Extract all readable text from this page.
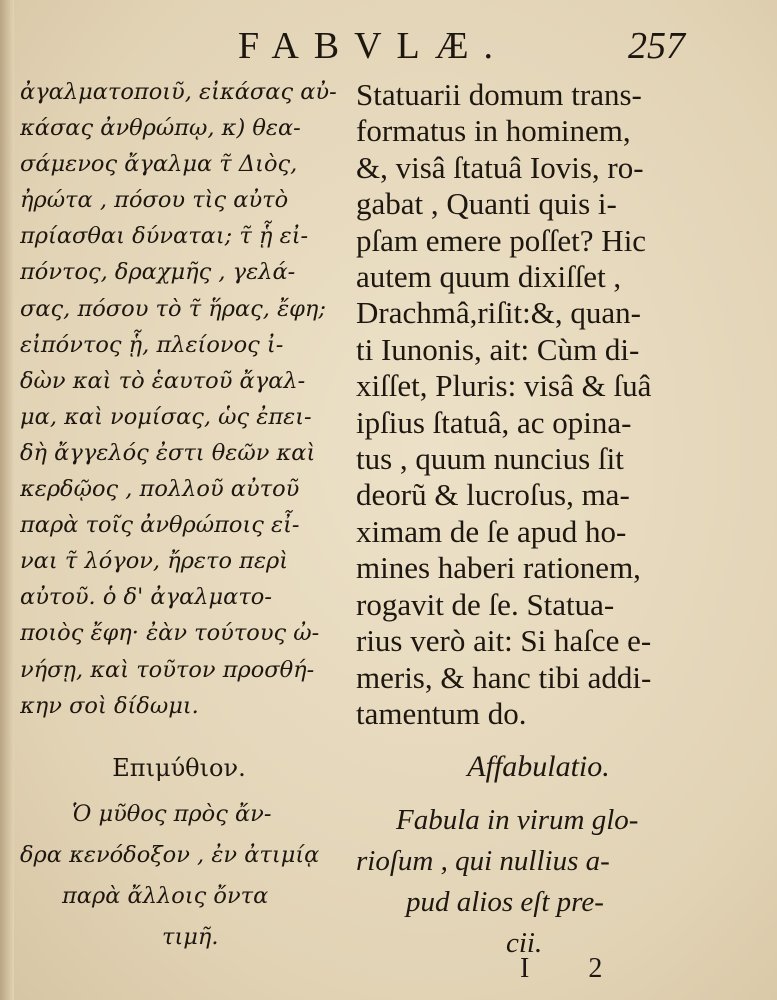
FABVLÆ.	257
ἀγαλματοποιῦ, εἰκάσας αὐ-
κάσας ἀνθρώπῳ, κ) θεα-
σάμενος ἄγαλμα τ̃ Διὸς,
ἠρώτα , πόσου τὶς αὐτὸ
πρίασθαι δύναται; τ̃ ᾗ εἰ-
πόντος, δραχμῆς , γελά-
σας, πόσου τὸ τ̃ ἥρας, ἔφη;
εἰπόντος ᾗ, πλείονος ἰ-
δὼν καὶ τὸ ἑαυτοῦ ἄγαλ-
μα, καὶ νομίσας, ὡς ἐπει-
δὴ ἄγγελός ἐστι θεῶν καὶ
κερδῷος , πολλοῦ αὐτοῦ
παρὰ τοῖς ἀνθρώποις εἶ-
ναι τ̃ λόγον, ἤρετο περὶ
αὐτοῦ. ὁ δ' ἀγαλματο-
ποιὸς ἔφη· ἐὰν τούτους ὠ-
νήσῃ, καὶ τοῦτον προσθή-
κην σοὶ δίδωμι.
Επιμύθιον.
Ὁ μῦθος πρὸς ἄν-
δρα κενόδοξον , ἐν ἀτιμίᾳ
παρὰ ἄλλοις ὄντα
τιμῆ.
Statuarii domum trans-
formatus in hominem,
&, visâ ſtatuâ Iovis, ro-
gabat , Quanti quis i-
pſam emere poſſet? Hic
autem quum dixiſſet ,
Drachmâ,riſit:&, quan-
ti Iunonis, ait: Cùm di-
xiſſet, Pluris: visâ & ſuâ
ipſius ſtatuâ, ac opina-
tus , quum nuncius ſit
deorũ & lucroſus, ma-
ximam de ſe apud ho-
mines haberi rationem,
rogavit de ſe. Statua-
rius verò ait: Si haſce e-
meris, & hanc tibi addi-
tamentum do.
Affabulatio.
Fabula in virum glo-
rioſum , qui nullius a-
pud alios eſt pre-
cii.
I 2
